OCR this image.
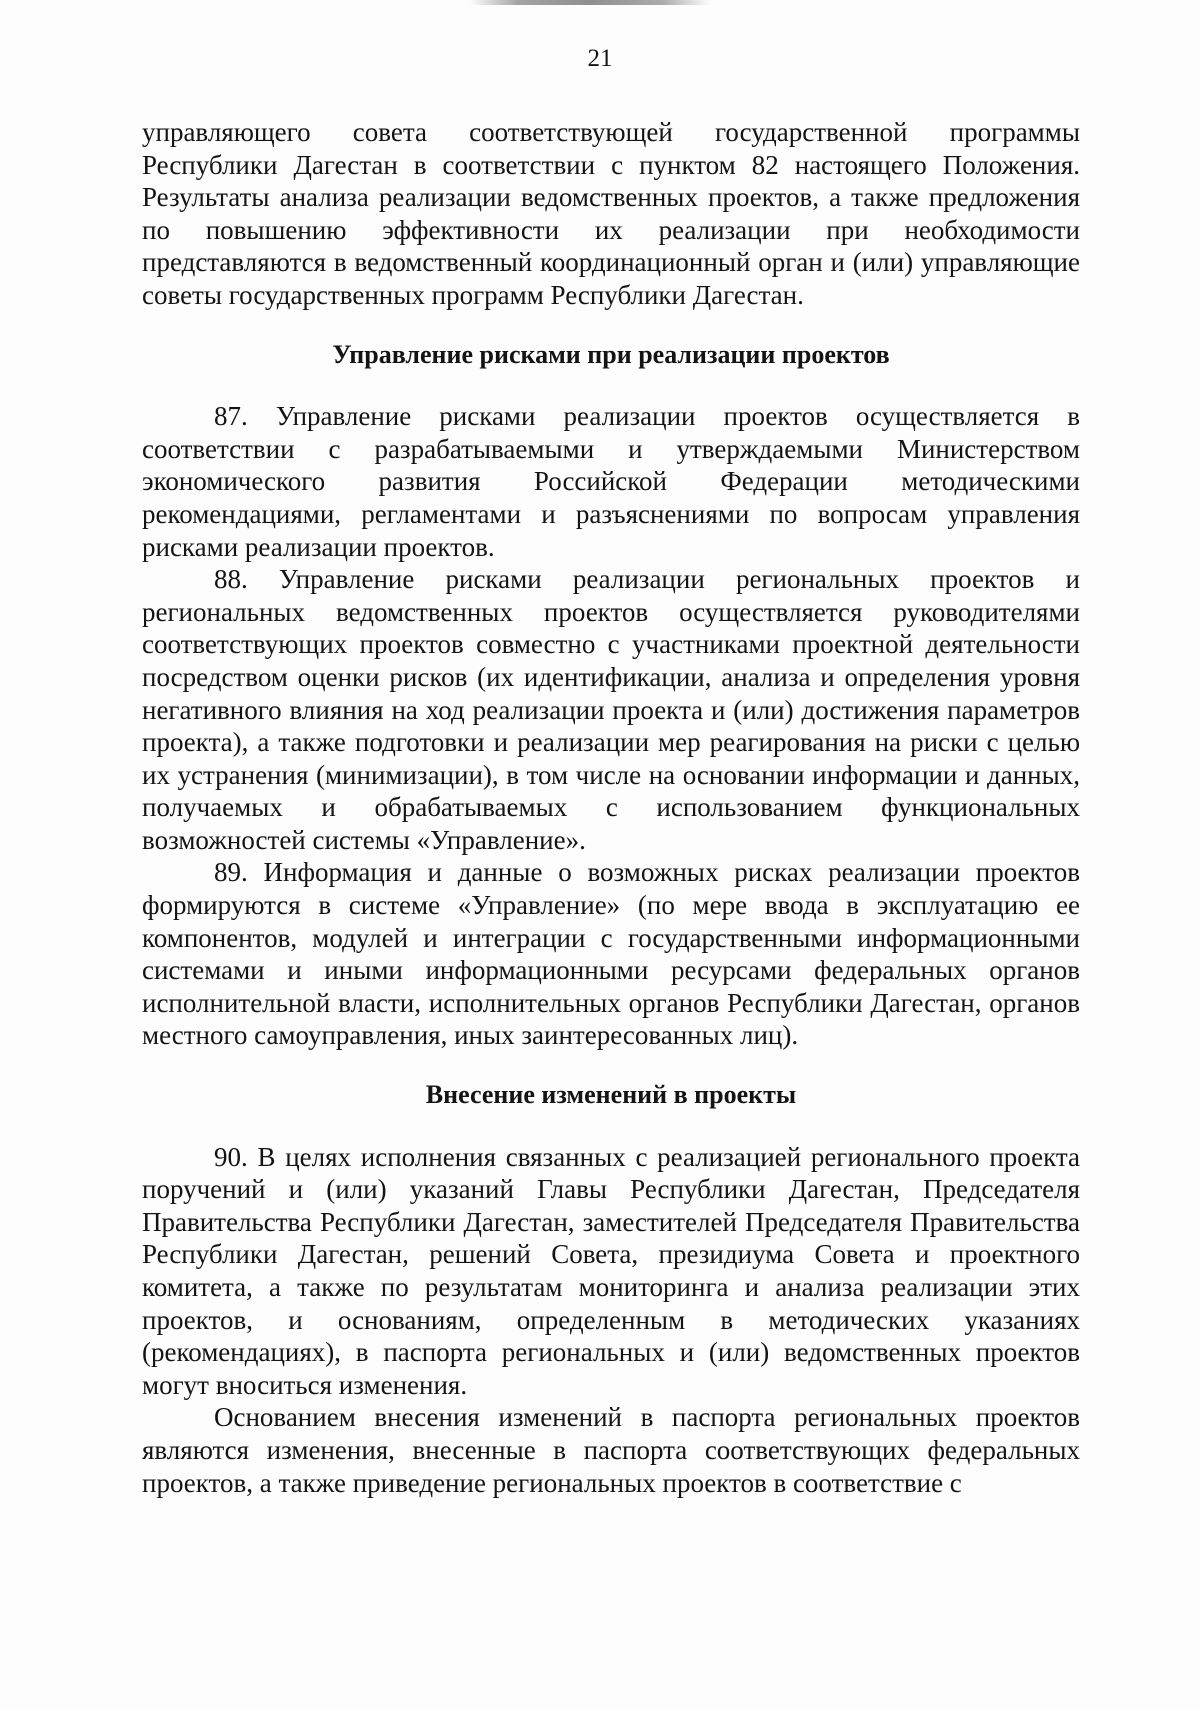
21

управляющего совета соответствующей государственной программы Республики Дагестан в соответствии с пунктом 82 настоящего Положения. Результаты анализа реализации ведомственных проектов, а также предложения по повышению эффективности их реализации при необходимости представляются в ведомственный координационный орган и (или) управляющие советы государственных программ Республики Дагестан.

Управление рисками при реализации проектов

87. Управление рисками реализации проектов осуществляется в соответствии с разрабатываемыми и утверждаемыми Министерством экономического развития Российской Федерации методическими рекомендациями, регламентами и разъяснениями по вопросам управления рисками реализации проектов.

88. Управление рисками реализации региональных проектов и региональных ведомственных проектов осуществляется руководителями соответствующих проектов совместно с участниками проектной деятельности посредством оценки рисков (их идентификации, анализа и определения уровня негативного влияния на ход реализации проекта и (или) достижения параметров проекта), а также подготовки и реализации мер реагирования на риски с целью их устранения (минимизации), в том числе на основании информации и данных, получаемых и обрабатываемых с использованием функциональных возможностей системы «Управление».

89. Информация и данные о возможных рисках реализации проектов формируются в системе «Управление» (по мере ввода в эксплуатацию ее компонентов, модулей и интеграции с государственными информационными системами и иными информационными ресурсами федеральных органов исполнительной власти, исполнительных органов Республики Дагестан, органов местного самоуправления, иных заинтересованных лиц).

Внесение изменений в проекты

90. В целях исполнения связанных с реализацией регионального проекта поручений и (или) указаний Главы Республики Дагестан, Председателя Правительства Республики Дагестан, заместителей Председателя Правительства Республики Дагестан, решений Совета, президиума Совета и проектного комитета, а также по результатам мониторинга и анализа реализации этих проектов, и основаниям, определенным в методических указаниях (рекомендациях), в паспорта региональных и (или) ведомственных проектов могут вноситься изменения.

Основанием внесения изменений в паспорта региональных проектов являются изменения, внесенные в паспорта соответствующих федеральных проектов, а также приведение региональных проектов в соответствие с
